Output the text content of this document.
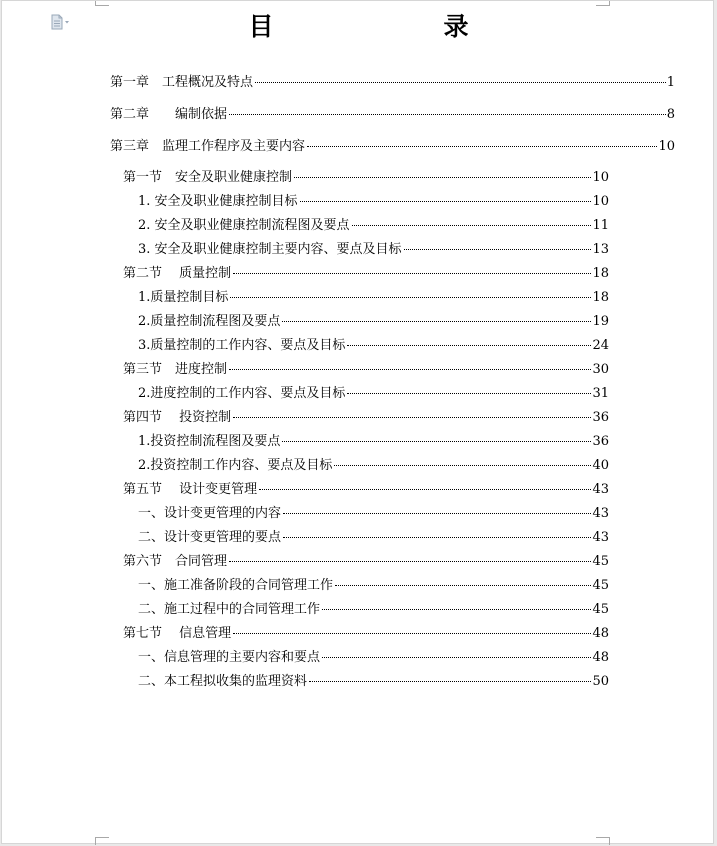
目　　录
第一章　工程概况及特点	1
第二章　　编制依据	8
第三章　监理工作程序及主要内容	10
第一节　安全及职业健康控制	10
1. 安全及职业健康控制目标	10
2. 安全及职业健康控制流程图及要点	11
3. 安全及职业健康控制主要内容、要点及目标	13
第二节　 质量控制	18
1.质量控制目标	18
2.质量控制流程图及要点	19
3.质量控制的工作内容、要点及目标	24
第三节　进度控制	30
2.进度控制的工作内容、要点及目标	31
第四节　 投资控制	36
1.投资控制流程图及要点	36
2.投资控制工作内容、要点及目标	40
第五节　 设计变更管理	43
一、设计变更管理的内容	43
二、设计变更管理的要点	43
第六节　合同管理	45
一、施工准备阶段的合同管理工作	45
二、施工过程中的合同管理工作	45
第七节　 信息管理	48
一、信息管理的主要内容和要点	48
二、本工程拟收集的监理资料	50
